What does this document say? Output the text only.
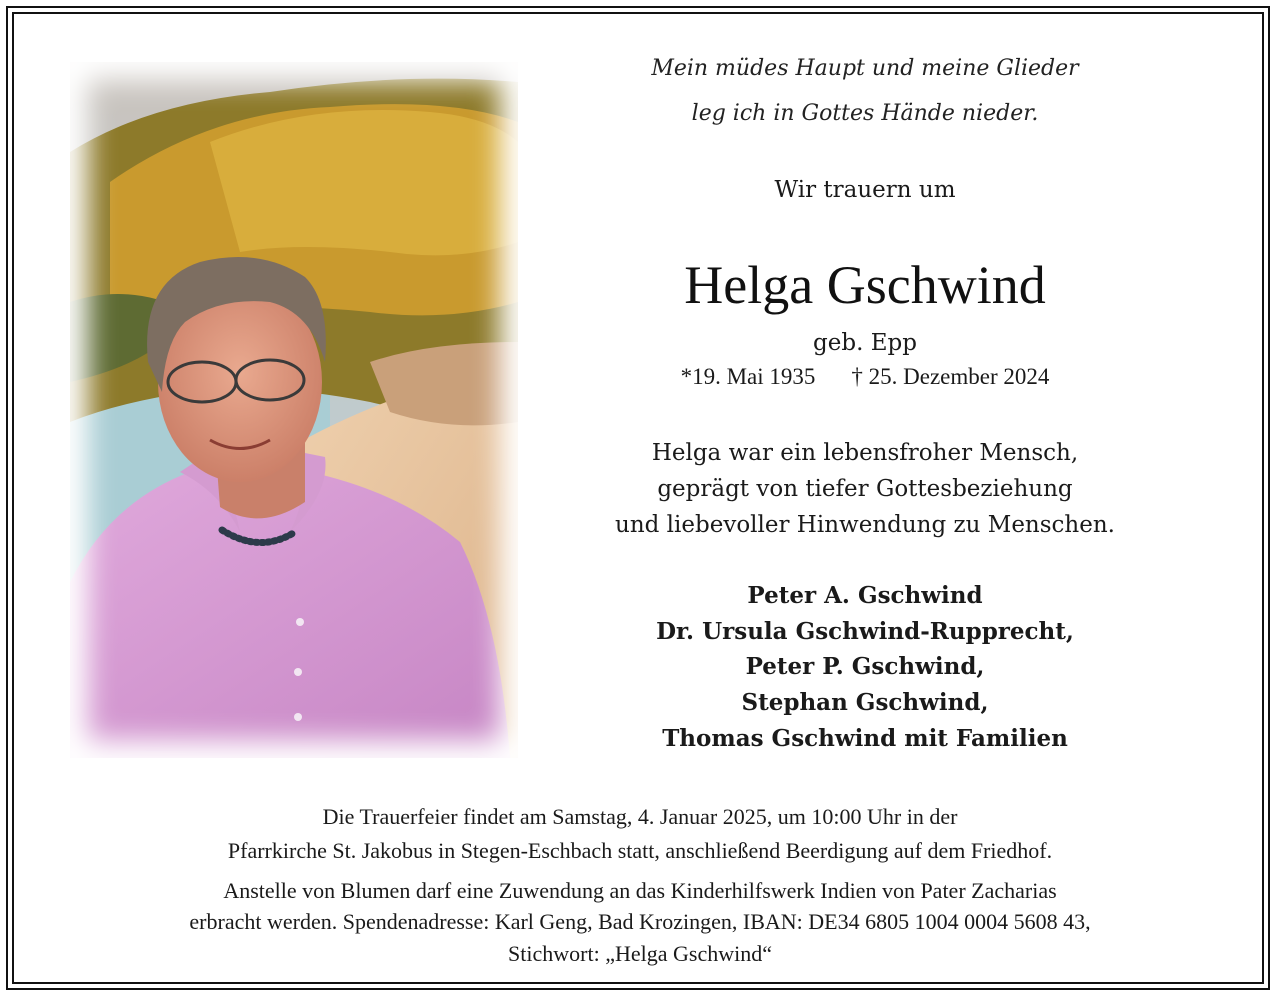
Mein müdes Haupt und meine Glieder
leg ich in Gottes Hände nieder.
Wir trauern um
Helga Gschwind
geb. Epp
*19. Mai 1935 † 25. Dezember 2024
Helga war ein lebensfroher Mensch,
geprägt von tiefer Gottesbeziehung
und liebevoller Hinwendung zu Menschen.
Peter A. Gschwind
Dr. Ursula Gschwind-Rupprecht,
Peter P. Gschwind,
Stephan Gschwind,
Thomas Gschwind mit Familien
Die Trauerfeier findet am Samstag, 4. Januar 2025, um 10:00 Uhr in der
Pfarrkirche St. Jakobus in Stegen-Eschbach statt, anschließend Beerdigung auf dem Friedhof.
Anstelle von Blumen darf eine Zuwendung an das Kinderhilfswerk Indien von Pater Zacharias
erbracht werden. Spendenadresse: Karl Geng, Bad Krozingen, IBAN: DE34 6805 1004 0004 5608 43,
Stichwort: „Helga Gschwind“
